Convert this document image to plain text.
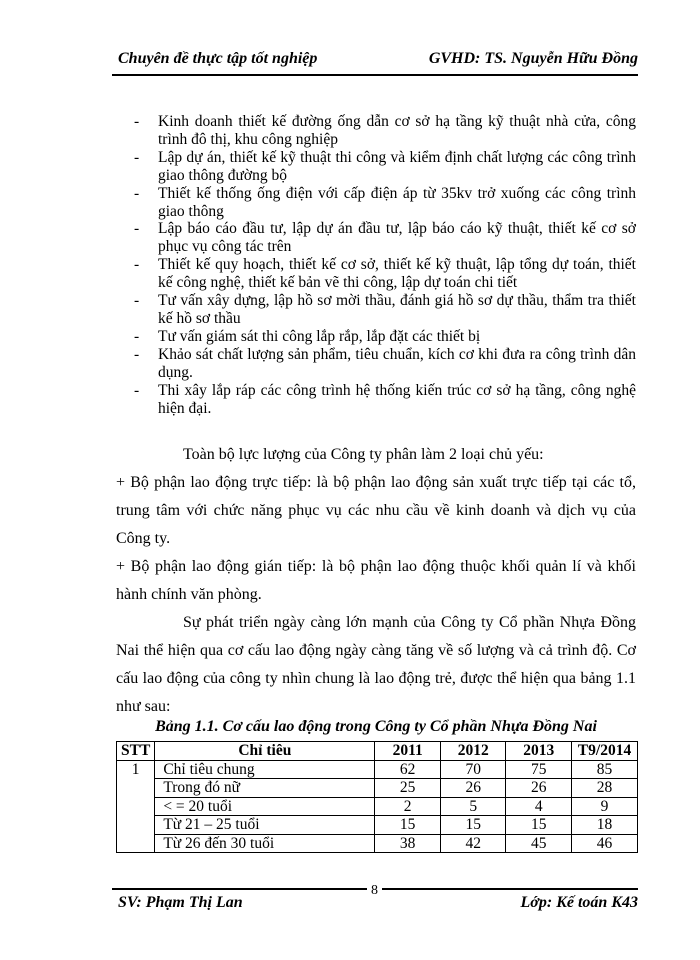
Chuyên đề thực tập tốt nghiệp	GVHD: TS. Nguyễn Hữu Đồng
- Kinh doanh thiết kế đường ống dẫn cơ sở hạ tầng kỹ thuật nhà cửa, công trình đô thị, khu công nghiệp
- Lập dự án, thiết kế kỹ thuật thi công và kiểm định chất lượng các công trình giao thông đường bộ
- Thiết kế thống ống điện với cấp điện áp từ 35kv trở xuống các công trình giao thông
- Lập báo cáo đầu tư, lập dự án đầu tư, lập báo cáo kỹ thuật, thiết kế cơ sở phục vụ công tác trên
- Thiết kế quy hoạch, thiết kế cơ sở, thiết kế kỹ thuật, lập tổng dự toán, thiết kế công nghệ, thiết kế bản vẽ thi công, lập dự toán chi tiết
- Tư vấn xây dựng, lập hồ sơ mời thầu, đánh giá hồ sơ dự thầu, thẩm tra thiết kế hồ sơ thầu
- Tư vấn giám sát thi công lắp rắp, lắp đặt các thiết bị
- Khảo sát chất lượng sản phẩm, tiêu chuẩn, kích cơ khi đưa ra công trình dân dụng.
- Thi xây lắp ráp các công trình hệ thống kiến trúc cơ sở hạ tầng, công nghệ hiện đại.

Toàn bộ lực lượng của Công ty phân làm 2 loại chủ yếu:

+ Bộ phận lao động trực tiếp: là bộ phận lao động sản xuất trực tiếp tại các tổ, trung tâm với chức năng phục vụ các nhu cầu về kinh doanh và dịch vụ của Công ty.

+ Bộ phận lao động gián tiếp: là bộ phận lao động thuộc khối quản lí và khối hành chính văn phòng.

Sự phát triển ngày càng lớn mạnh của Công ty Cổ phần Nhựa Đồng Nai thể hiện qua cơ cấu lao động ngày càng tăng về số lượng và cả trình độ. Cơ cấu lao động của công ty nhìn chung là lao động trẻ, được thể hiện qua bảng 1.1 như sau:

Bảng 1.1. Cơ cấu lao động trong Công ty Cổ phần Nhựa Đồng Nai
STT	Chỉ tiêu	2011	2012	2013	T9/2014
1	Chỉ tiêu chung	62	70	75	85
	Trong đó nữ	25	26	26	28
	< = 20 tuổi	2	5	4	9
	Từ 21 – 25 tuổi	15	15	15	18
	Từ 26 đến 30 tuổi	38	42	45	46
SV: Phạm Thị Lan
8
Lớp: Kế toán K43
